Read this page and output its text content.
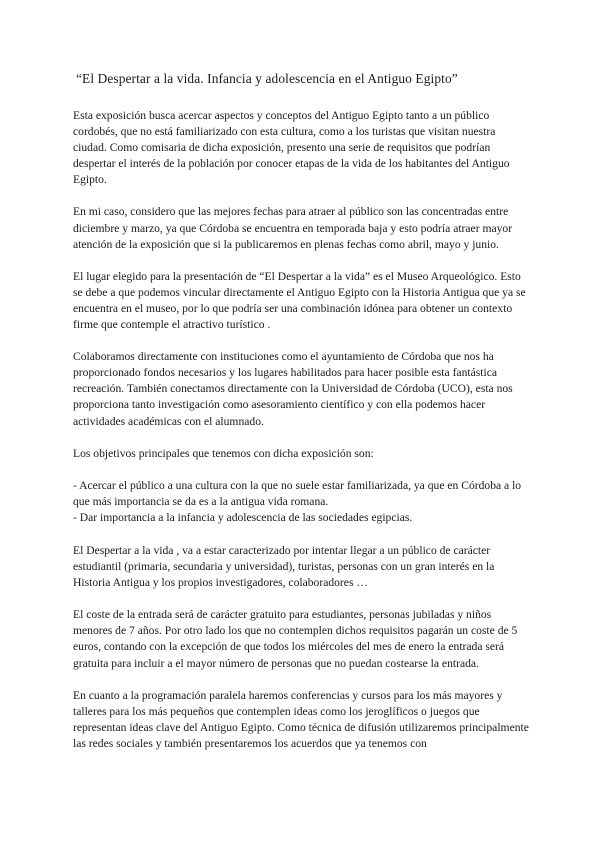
“El Despertar a la vida. Infancia y adolescencia en el Antiguo Egipto”

Esta exposición busca acercar aspectos y conceptos del Antiguo Egipto tanto a un público cordobés, que no está familiarizado con esta cultura, como a los turistas que visitan nuestra ciudad. Como comisaria de dicha exposición, presento una serie de requisitos que podrían despertar el interés de la población por conocer etapas de la vida de los habitantes del Antiguo Egipto.

En mi caso, considero que las mejores fechas para atraer al público son las concentradas entre diciembre y marzo, ya que Córdoba se encuentra en temporada baja y esto podría atraer mayor atención de la exposición que si la publicaremos en plenas fechas como abril, mayo y junio.

El lugar elegido para la presentación de “El Despertar a la vida” es el Museo Arqueológico. Esto se debe a que podemos vincular directamente el Antiguo Egipto con la Historia Antigua que ya se encuentra en el museo, por lo que podría ser una combinación idónea para obtener un contexto firme que contemple el atractivo turístico .

Colaboramos directamente con instituciones como el ayuntamiento de Córdoba que nos ha proporcionado fondos necesarios y los lugares habilitados para hacer posible esta fantástica recreación. También conectamos directamente con la Universidad de Córdoba (UCO), esta nos proporciona tanto investigación como asesoramiento científico y con ella podemos hacer actividades académicas con el alumnado.

Los objetivos principales que tenemos con dicha exposición son:

- Acercar el público a una cultura con la que no suele estar familiarizada, ya que en Córdoba a lo que más importancia se da es a la antigua vida romana.

- Dar importancia a la infancia y adolescencia de las sociedades egipcias.

El Despertar a la vida , va a estar caracterizado por intentar llegar a un público de carácter estudiantil (primaria, secundaria y universidad), turistas, personas con un gran interés en la Historia Antigua y los propios investigadores, colaboradores …

El coste de la entrada será de carácter gratuito para estudiantes, personas jubiladas y niños menores de 7 años. Por otro lado los que no contemplen dichos requisitos pagarán un coste de 5 euros, contando con la excepción de que todos los miércoles del mes de enero la entrada será gratuita para incluir a el mayor número de personas que no puedan costearse la entrada.

En cuanto a la programación paralela haremos conferencias y cursos para los más mayores y talleres para los más pequeños que contemplen ideas como los jeroglíficos o juegos que representan ideas clave del Antiguo Egipto. Como técnica de difusión utilizaremos principalmente las redes sociales y también presentaremos los acuerdos que ya tenemos con
